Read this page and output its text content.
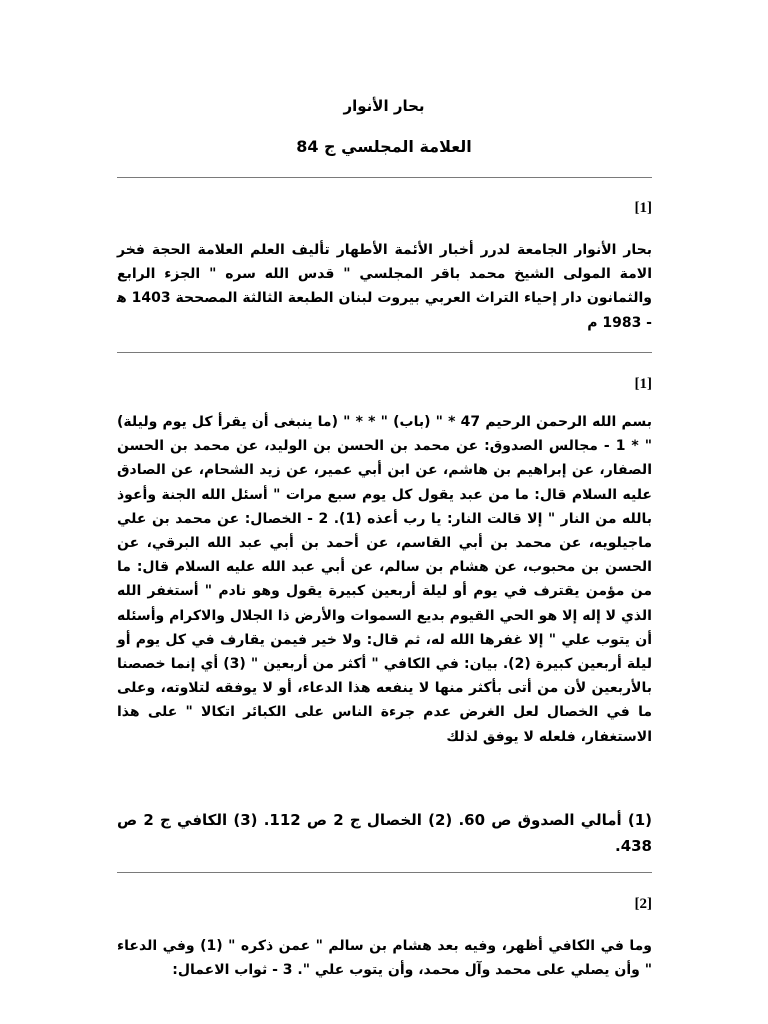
بحار الأنوار
العلامة المجلسي ج 84
[1]

بحار الأنوار الجامعة لدرر أخبار الأئمة الأطهار تأليف العلم العلامة الحجة فخر الامة المولى الشيخ محمد باقر المجلسي " قدس الله سره " الجزء الرابع والثمانون دار إحياء التراث العربي بيروت لبنان الطبعة الثالثة المصححة 1403 ه‍ - 1983 م

[1]

بسم الله الرحمن الرحيم 47 * " (باب) " * * " (ما ينبغى أن يقرأ كل يوم وليلة) " * 1 - مجالس الصدوق: عن محمد بن الحسن بن الوليد، عن محمد بن الحسن الصفار، عن إبراهيم بن هاشم، عن ابن أبي عمير، عن زيد الشحام، عن الصادق عليه السلام قال: ما من عبد يقول كل يوم سبع مرات " أسئل الله الجنة وأعوذ بالله من النار " إلا قالت النار: يا رب أعذه (1). 2 - الخصال: عن محمد بن علي ماجيلويه، عن محمد بن أبي القاسم، عن أحمد بن أبي عبد الله البرقي، عن الحسن بن محبوب، عن هشام بن سالم، عن أبي عبد الله عليه السلام قال: ما من مؤمن يقترف في يوم أو ليلة أربعين كبيرة يقول وهو نادم " أستغفر الله الذي لا إله إلا هو الحي القيوم بديع السموات والأرض ذا الجلال والاكرام وأسئله أن يتوب علي " إلا غفرها الله له، ثم قال: ولا خير فيمن يقارف في كل يوم أو ليلة أربعين كبيرة (2). بيان: في الكافي " أكثر من أربعين " (3) أي إنما خصصنا بالأربعين لأن من أتى بأكثر منها لا ينفعه هذا الدعاء، أو لا يوفقه لتلاوته، وعلى ما في الخصال لعل الغرض عدم جرءة الناس على الكبائر اتكالا " على هذا الاستغفار، فلعله لا يوفق لذلك

(1) أمالي الصدوق ص 60. (2) الخصال ج 2 ص 112. (3) الكافي ج 2 ص 438.

[2]

وما في الكافي أظهر، وفيه بعد هشام بن سالم " عمن ذكره " (1) وفي الدعاء " وأن يصلي على محمد وآل محمد، وأن يتوب علي ". 3 - ثواب الاعمال:
